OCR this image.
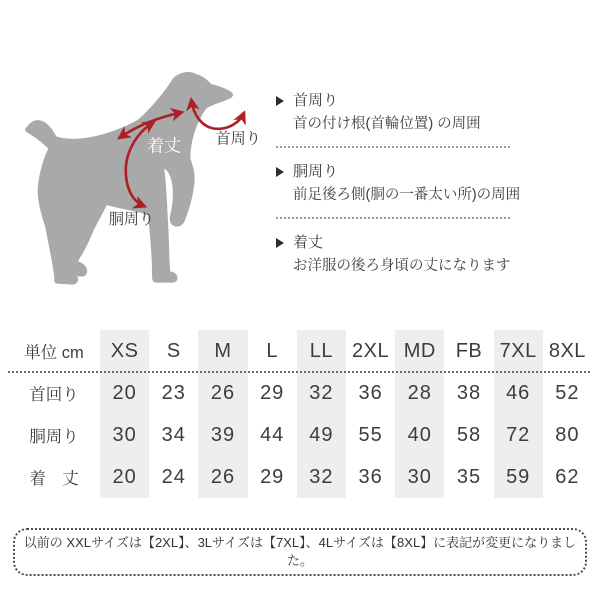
着丈 首周り
胴周り
首周り
首の付け根(首輪位置) の周囲
胴周り
前足後ろ側(胴の一番太い所)の周囲
着丈
お洋服の後ろ身頃の丈になります
単位 cm	XS	S	M	L	LL 2XL MD FB 7XL 8XL
首回り	20	23	26	29	32	36	28	38	46	52
胴周り	30	34	39	44	49	55	40	58	72	80
着　丈	20	24	26	29	32	36	30	35	59	62
以前の XXLサイズは【2XL】、3Lサイズは【7XL】、4Lサイズは【8XL】に表記が変更になりました。
